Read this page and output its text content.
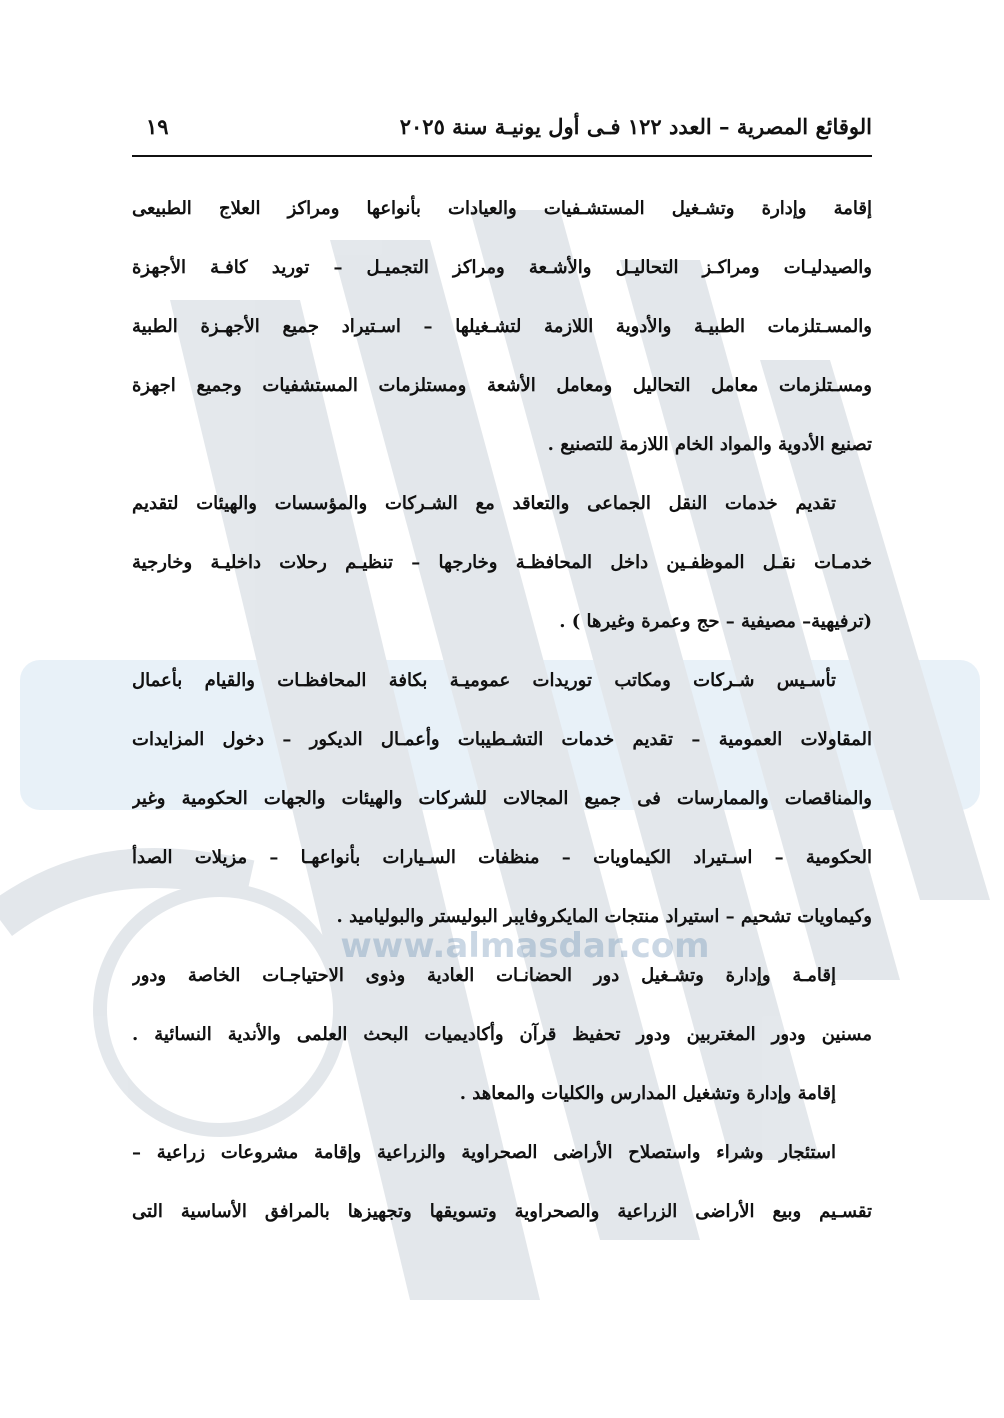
www.almasdar.com
الوقائع المصرية – العدد ١٢٢ فـى أول يونيـة سنة ٢٠٢٥
١٩
إقامة وإدارة وتشـغيل المستشـفيات والعيادات بأنواعها ومراكز العلاج الطبيعى
والصيدليـات ومراكـز التحاليـل والأشـعة ومراكز التجميـل – توريد كافـة الأجهزة
والمسـتلزمات الطبيـة والأدوية اللازمة لتشـغيلها – اسـتيراد جميع الأجهـزة الطبية
ومسـتلزمات معامل التحاليل ومعامل الأشعة ومستلزمات المستشفيات وجميع اجهزة
تصنيع الأدوية والمواد الخام اللازمة للتصنيع .
تقديم خدمات النقل الجماعى والتعاقد مع الشـركات والمؤسسات والهيئات لتقديم
خدمـات نقـل الموظفـين داخل المحافظـة وخارجها – تنظيـم رحلات داخليـة وخارجية
(ترفيهية– مصيفية – حج وعمرة وغيرها ) .
تأسـيس شـركات ومكاتب توريدات عموميـة بكافة المحافظـات والقيام بأعمال
المقاولات العمومية – تقديم خدمات التشـطيبات وأعمـال الديكور – دخول المزايدات
والمناقصات والممارسات فى جميع المجالات للشركات والهيئات والجهات الحكومية وغير
الحكومية – اسـتيراد الكيماويات – منظفات السـيارات بأنواعهـا – مزيلات الصدأ
وكيماويات تشحيم – استيراد منتجات المايكروفايبر البوليستر والبولياميد .
إقامـة وإدارة وتشـغيل دور الحضانـات العادية وذوى الاحتياجـات الخاصة ودور
مسنين ودور المغتربين ودور تحفيظ قرآن وأكاديميات البحث العلمى والأندية النسائية .
إقامة وإدارة وتشغيل المدارس والكليات والمعاهد .
استئجار وشراء واستصلاح الأراضى الصحراوية والزراعية وإقامة مشروعات زراعية –
تقسـيم وبيع الأراضى الزراعية والصحراوية وتسويقها وتجهيزها بالمرافق الأساسية التى
